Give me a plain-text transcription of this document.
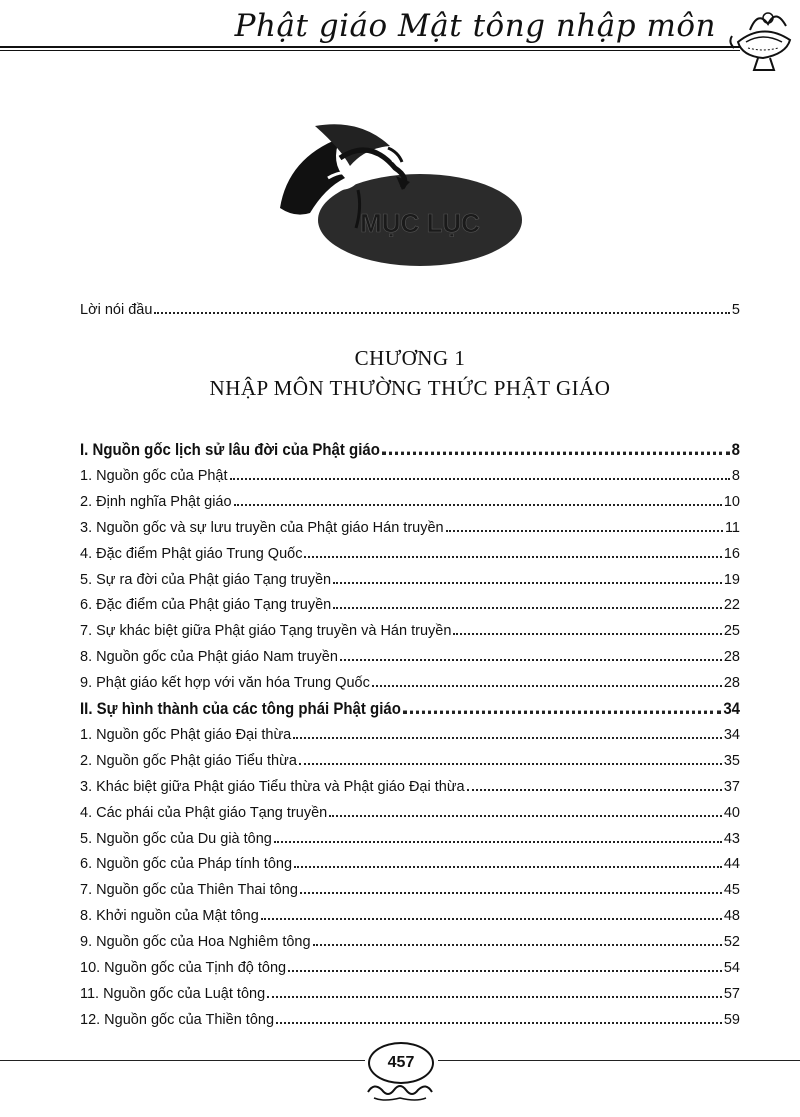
Phật giáo Mật tông nhập môn
MỤC LỤC
Lời nói đầu	5
CHƯƠNG 1
NHẬP MÔN THƯỜNG THỨC PHẬT GIÁO
I. Nguồn gốc lịch sử lâu đời của Phật giáo	8
1. Nguồn gốc của Phật	8
2. Định nghĩa Phật giáo	10
3. Nguồn gốc và sự lưu truyền của Phật giáo Hán truyền	11
4. Đặc điểm Phật giáo Trung Quốc	16
5. Sự ra đời của Phật giáo Tạng truyền	19
6. Đặc điểm của Phật giáo Tạng truyền	22
7. Sự khác biệt giữa Phật giáo Tạng truyền và Hán truyền	25
8. Nguồn gốc của Phật giáo Nam truyền	28
9. Phật giáo kết hợp với văn hóa Trung Quốc	28
II. Sự hình thành của các tông phái Phật giáo	34
1. Nguồn gốc Phật giáo Đại thừa	34
2. Nguồn gốc Phật giáo Tiểu thừa	35
3. Khác biệt giữa Phật giáo Tiểu thừa và Phật giáo Đại thừa	37
4. Các phái của Phật giáo Tạng truyền	40
5. Nguồn gốc của Du già tông	43
6. Nguồn gốc của Pháp tính tông	44
7. Nguồn gốc của Thiên Thai tông	45
8. Khởi nguồn của Mật tông	48
9. Nguồn gốc của Hoa Nghiêm tông	52
10. Nguồn gốc của Tịnh độ tông	54
11. Nguồn gốc của Luật tông	57
12. Nguồn gốc của Thiền tông	59
457
